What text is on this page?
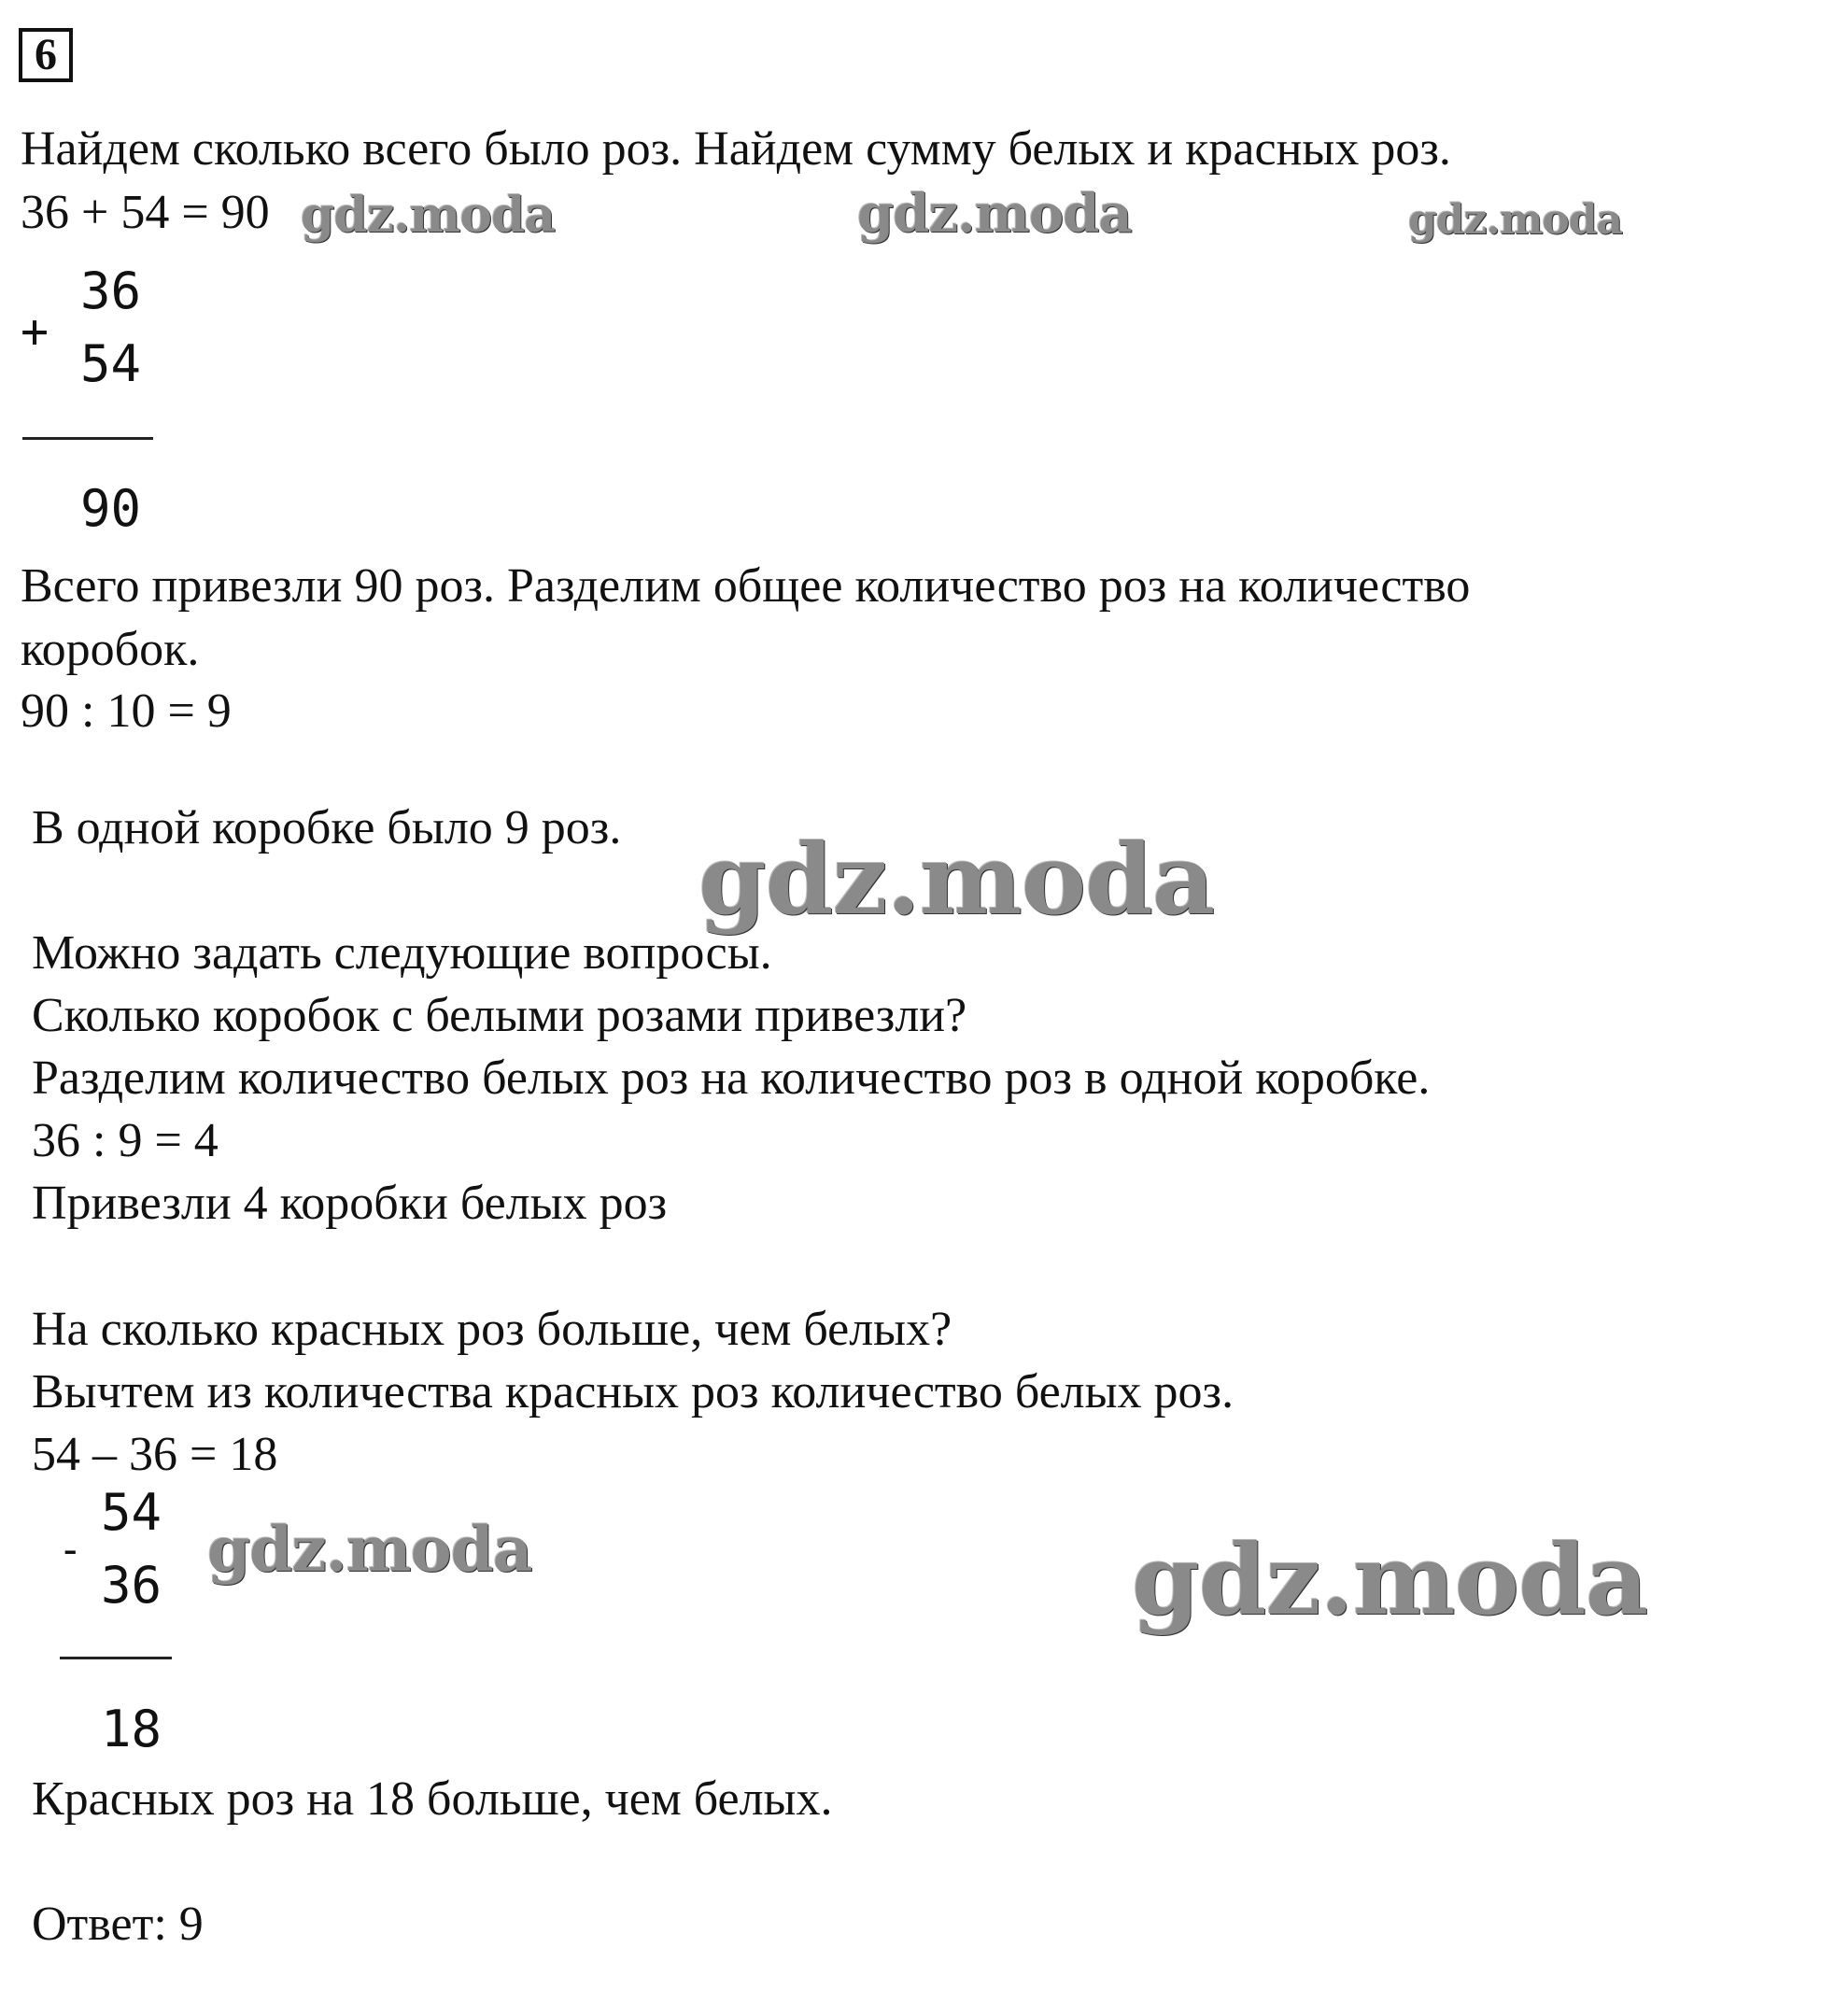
6
Найдем сколько всего было роз. Найдем сумму белых и красных роз.
36 + 54 = 90
+
36
54
90
Всего привезли 90 роз. Разделим общее количество роз на количество
коробок.
90 : 10 = 9
В одной коробке было 9 роз.
Можно задать следующие вопросы.
Сколько коробок с белыми розами привезли?
Разделим количество белых роз на количество роз в одной коробке.
36 : 9 = 4
Привезли 4 коробки белых роз
На сколько красных роз больше, чем белых?
Вычтем из количества красных роз количество белых роз.
54 – 36 = 18
-
54
36
18
Красных роз на 18 больше, чем белых.
Ответ: 9
gdz.moda	gdz.moda	gdz.moda
gdz.moda
gdz.moda	gdz.moda
